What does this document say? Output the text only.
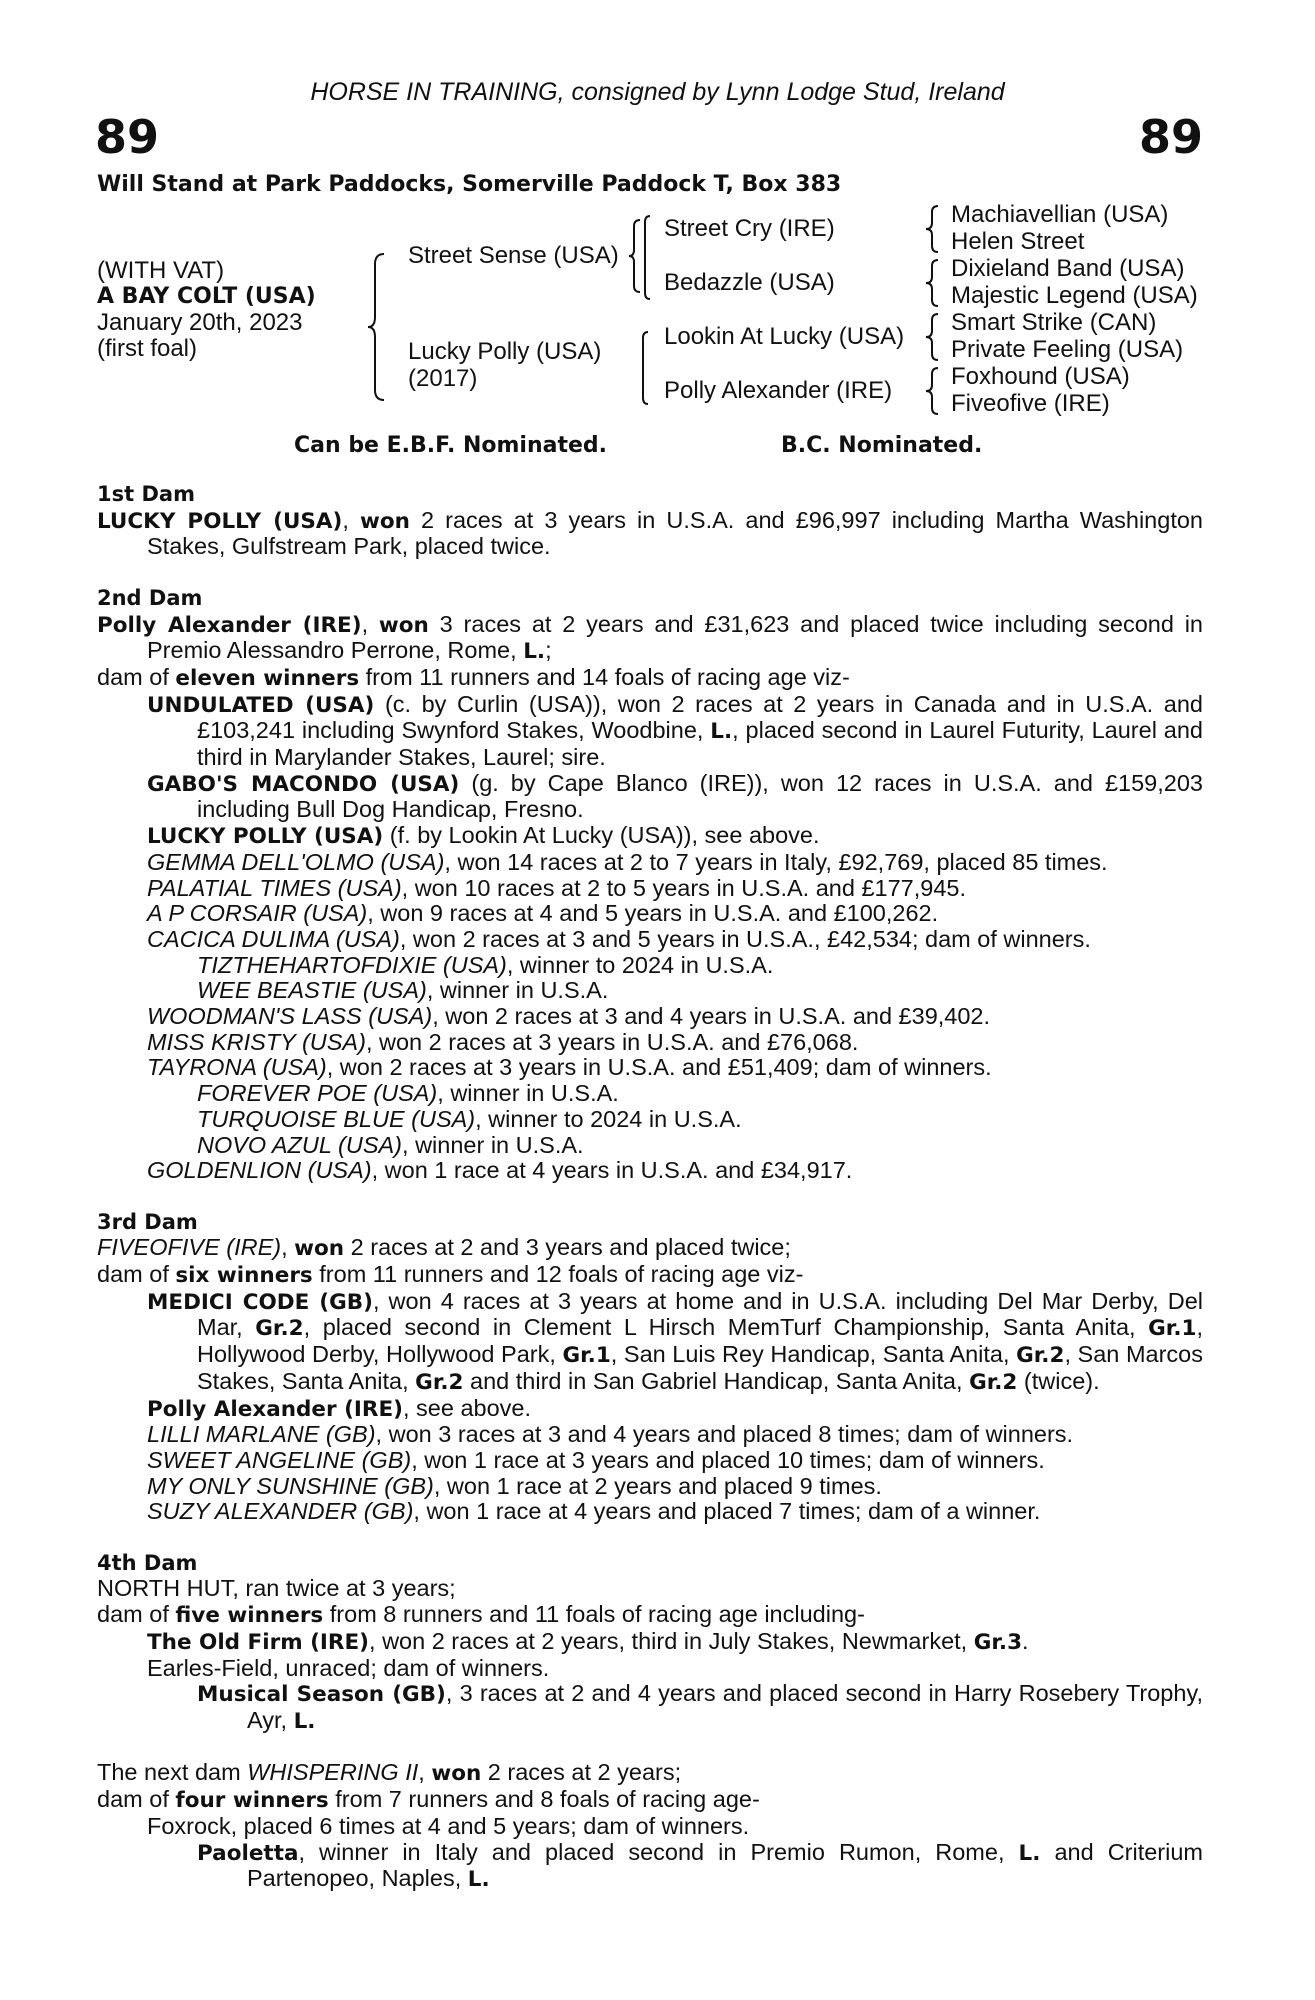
HORSE IN TRAINING, consigned by Lynn Lodge Stud, Ireland
89	89
Will Stand at Park Paddocks, Somerville Paddock T, Box 383
(WITH VAT)
A BAY COLT (USA)
January 20th, 2023
(first foal)
Street Sense (USA)
Lucky Polly (USA)
(2017)
Street Cry (IRE)
Bedazzle (USA)
Lookin At Lucky (USA)
Polly Alexander (IRE)
Machiavellian (USA)
Helen Street
Dixieland Band (USA)
Majestic Legend (USA)
Smart Strike (CAN)
Private Feeling (USA)
Foxhound (USA)
Fiveofive (IRE)
Can be E.B.F. Nominated.	B.C. Nominated.

1st Dam

LUCKY POLLY (USA), won 2 races at 3 years in U.S.A. and £96,997 including Martha Washington Stakes, Gulfstream Park, placed twice.

2nd Dam

Polly Alexander (IRE), won 3 races at 2 years and £31,623 and placed twice including second in Premio Alessandro Perrone, Rome, L.;

dam of eleven winners from 11 runners and 14 foals of racing age viz-

UNDULATED (USA) (c. by Curlin (USA)), won 2 races at 2 years in Canada and in U.S.A. and £103,241 including Swynford Stakes, Woodbine, L., placed second in Laurel Futurity, Laurel and third in Marylander Stakes, Laurel; sire.

GABO'S MACONDO (USA) (g. by Cape Blanco (IRE)), won 12 races in U.S.A. and £159,203 including Bull Dog Handicap, Fresno.

LUCKY POLLY (USA) (f. by Lookin At Lucky (USA)), see above.

GEMMA DELL'OLMO (USA), won 14 races at 2 to 7 years in Italy, £92,769, placed 85 times.

PALATIAL TIMES (USA), won 10 races at 2 to 5 years in U.S.A. and £177,945.

A P CORSAIR (USA), won 9 races at 4 and 5 years in U.S.A. and £100,262.

CACICA DULIMA (USA), won 2 races at 3 and 5 years in U.S.A., £42,534; dam of winners.

TIZTHEHARTOFDIXIE (USA), winner to 2024 in U.S.A.

WEE BEASTIE (USA), winner in U.S.A.

WOODMAN'S LASS (USA), won 2 races at 3 and 4 years in U.S.A. and £39,402.

MISS KRISTY (USA), won 2 races at 3 years in U.S.A. and £76,068.

TAYRONA (USA), won 2 races at 3 years in U.S.A. and £51,409; dam of winners.

FOREVER POE (USA), winner in U.S.A.

TURQUOISE BLUE (USA), winner to 2024 in U.S.A.

NOVO AZUL (USA), winner in U.S.A.

GOLDENLION (USA), won 1 race at 4 years in U.S.A. and £34,917.

3rd Dam

FIVEOFIVE (IRE), won 2 races at 2 and 3 years and placed twice;

dam of six winners from 11 runners and 12 foals of racing age viz-

MEDICI CODE (GB), won 4 races at 3 years at home and in U.S.A. including Del Mar Derby, Del Mar, Gr.2, placed second in Clement L Hirsch MemTurf Championship, Santa Anita, Gr.1, Hollywood Derby, Hollywood Park, Gr.1, San Luis Rey Handicap, Santa Anita, Gr.2, San Marcos Stakes, Santa Anita, Gr.2 and third in San Gabriel Handicap, Santa Anita, Gr.2 (twice).

Polly Alexander (IRE), see above.

LILLI MARLANE (GB), won 3 races at 3 and 4 years and placed 8 times; dam of winners.

SWEET ANGELINE (GB), won 1 race at 3 years and placed 10 times; dam of winners.

MY ONLY SUNSHINE (GB), won 1 race at 2 years and placed 9 times.

SUZY ALEXANDER (GB), won 1 race at 4 years and placed 7 times; dam of a winner.

4th Dam

NORTH HUT, ran twice at 3 years;

dam of five winners from 8 runners and 11 foals of racing age including-

The Old Firm (IRE), won 2 races at 2 years, third in July Stakes, Newmarket, Gr.3.

Earles-Field, unraced; dam of winners.

Musical Season (GB), 3 races at 2 and 4 years and placed second in Harry Rosebery Trophy, Ayr, L.

The next dam WHISPERING II, won 2 races at 2 years;

dam of four winners from 7 runners and 8 foals of racing age-

Foxrock, placed 6 times at 4 and 5 years; dam of winners.

Paoletta, winner in Italy and placed second in Premio Rumon, Rome, L. and Criterium Partenopeo, Naples, L.
